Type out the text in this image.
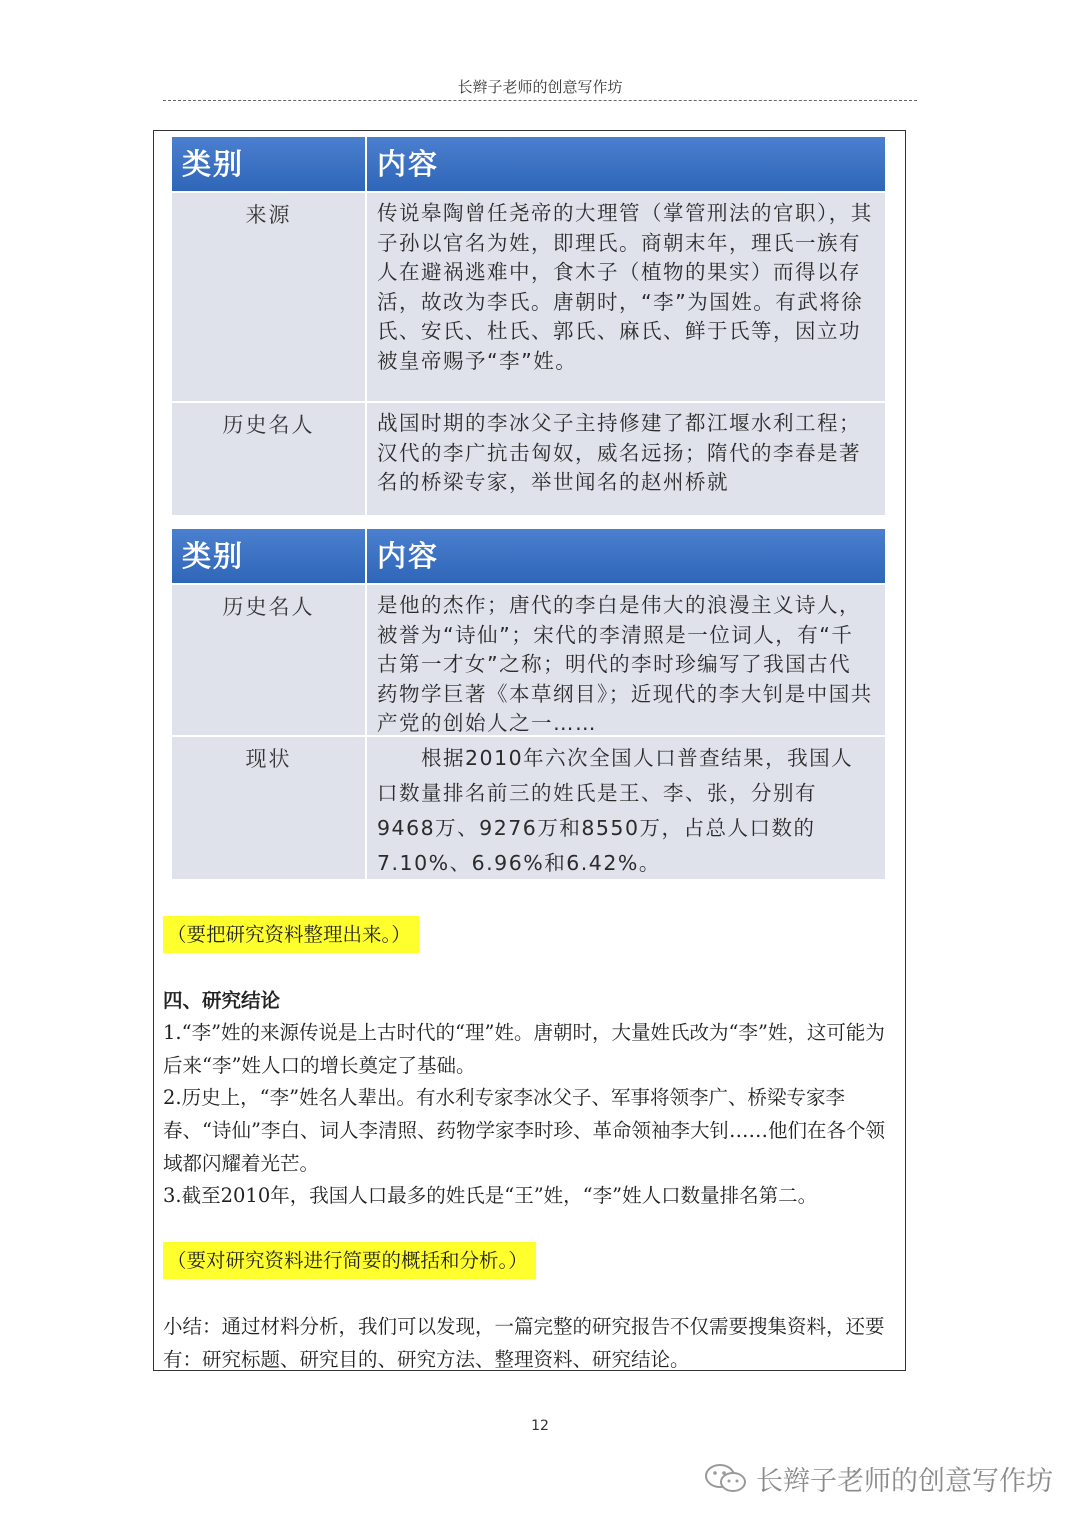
长辫子老师的创意写作坊
类别	内容
来源	传说皋陶曾任尧帝的大理管（掌管刑法的官职），其子孙以官名为姓，即理氏。商朝末年，理氏一族有人在避祸逃难中，食木子（植物的果实）而得以存活，故改为李氏。唐朝时，“李”为国姓。有武将徐氏、安氏、杜氏、郭氏、麻氏、鲜于氏等，因立功被皇帝赐予“李”姓。
历史名人	战国时期的李冰父子主持修建了都江堰水利工程；汉代的李广抗击匈奴，威名远扬；隋代的李春是著名的桥梁专家，举世闻名的赵州桥就
类别	内容
历史名人	是他的杰作；唐代的李白是伟大的浪漫主义诗人，被誉为“诗仙”；宋代的李清照是一位词人，有“千古第一才女”之称；明代的李时珍编写了我国古代药物学巨著《本草纲目》；近现代的李大钊是中国共产党的创始人之一……
现状	　　根据2010年六次全国人口普查结果，我国人口数量排名前三的姓氏是王、李、张，分别有9468万、9276万和8550万，占总人口数的7.10%、6.96%和6.42%。
（要把研究资料整理出来。）
四、研究结论
1.“李”姓的来源传说是上古时代的“理”姓。唐朝时，大量姓氏改为“李”姓，这可能为后来“李”姓人口的增长奠定了基础。
2.历史上，“李”姓名人辈出。有水利专家李冰父子、军事将领李广、桥梁专家李春、“诗仙”李白、词人李清照、药物学家李时珍、革命领袖李大钊……他们在各个领域都闪耀着光芒。
3.截至2010年，我国人口最多的姓氏是“王”姓，“李”姓人口数量排名第二。
（要对研究资料进行简要的概括和分析。）
小结：通过材料分析，我们可以发现，一篇完整的研究报告不仅需要搜集资料，还要有：研究标题、研究目的、研究方法、整理资料、研究结论。
12
长辫子老师的创意写作坊
